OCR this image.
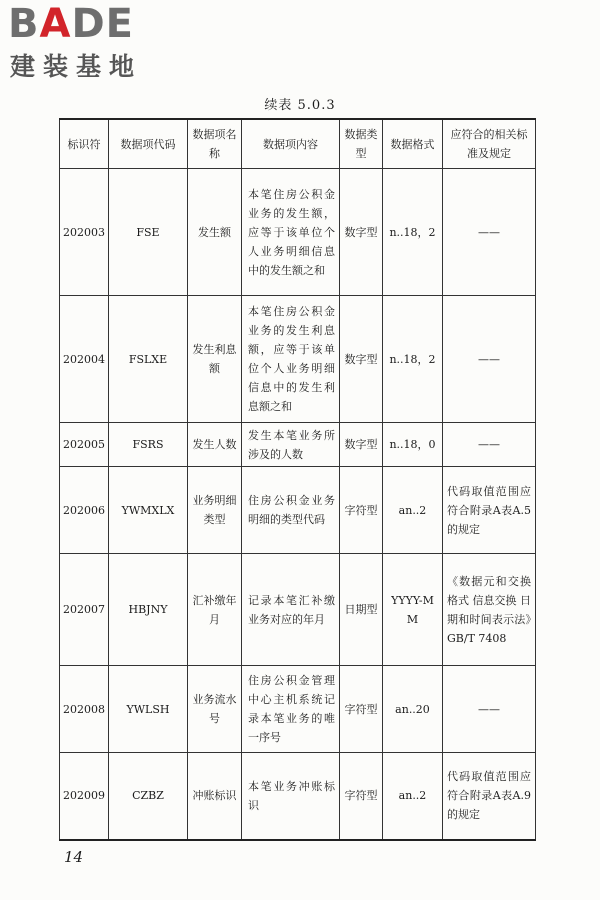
BADE
建装基地
续表 5.0.3
标识符	数据项代码	数据项名称	数据项内容	数据类型	数据格式	应符合的相关标准及规定
202003	FSE	发生额	本笔住房公积金业务的发生额，应等于该单位个人业务明细信息中的发生额之和	数字型	n..18，2	——
202004	FSLXE	发生利息额	本笔住房公积金业务的发生利息额，应等于该单位个人业务明细信息中的发生利息额之和	数字型	n..18，2	——
202005	FSRS	发生人数	发生本笔业务所涉及的人数	数字型	n..18，0	——
202006	YWMXLX	业务明细类型	住房公积金业务明细的类型代码	字符型	an..2	代码取值范围应符合附录A表A.5的规定
202007	HBJNY	汇补缴年月	记录本笔汇补缴业务对应的年月	日期型	YYYY-MM	《数据元和交换格式 信息交换 日期和时间表示法》GB/T 7408
202008	YWLSH	业务流水号	住房公积金管理中心主机系统记录本笔业务的唯一序号	字符型	an..20	——
202009	CZBZ	冲账标识	本笔业务冲账标识	字符型	an..2	代码取值范围应符合附录A表A.9的规定
14
